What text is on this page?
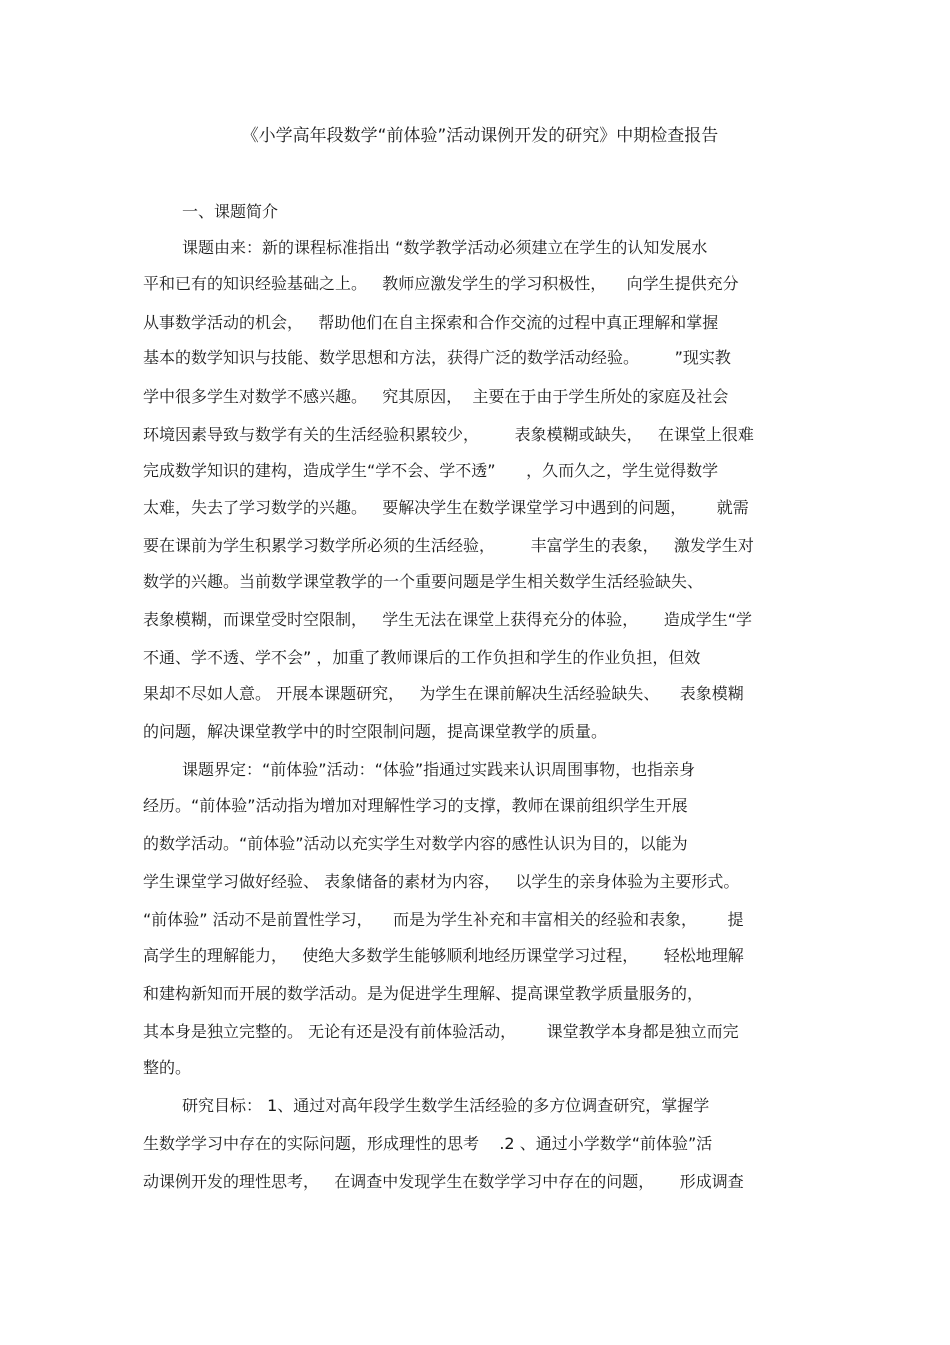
《小学高年段数学“前体验”活动课例开发的研究》中期检查报告
一、课题简介
课题由来：新的课程标准指出 “数学教学活动必须建立在学生的认知发展水
平和已有的知识经验基础之上。   教师应激发学生的学习积极性，    向学生提供充分
从事数学活动的机会，   帮助他们在自主探索和合作交流的过程中真正理解和掌握
基本的数学知识与技能、数学思想和方法，获得广泛的数学活动经验。       ”现实教
学中很多学生对数学不感兴趣。   究其原因，  主要在于由于学生所处的家庭及社会
环境因素导致与数学有关的生活经验积累较少，       表象模糊或缺失，   在课堂上很难
完成数学知识的建构，造成学生“学不会、学不透”      ，久而久之，学生觉得数学
太难，失去了学习数学的兴趣。   要解决学生在数学课堂学习中遇到的问题，      就需
要在课前为学生积累学习数学所必须的生活经验，       丰富学生的表象，   激发学生对
数学的兴趣。当前数学课堂教学的一个重要问题是学生相关数学生活经验缺失、
表象模糊，而课堂受时空限制，   学生无法在课堂上获得充分的体验，     造成学生“学
不通、学不透、学不会” ，加重了教师课后的工作负担和学生的作业负担，但效
果却不尽如人意。 开展本课题研究，   为学生在课前解决生活经验缺失、    表象模糊
的问题，解决课堂教学中的时空限制问题，提高课堂教学的质量。
课题界定：“前体验”活动：“体验”指通过实践来认识周围事物，也指亲身
经历。“前体验”活动指为增加对理解性学习的支撑，教师在课前组织学生开展
的数学活动。“前体验”活动以充实学生对数学内容的感性认识为目的，以能为
学生课堂学习做好经验、 表象储备的素材为内容，   以学生的亲身体验为主要形式。
“前体验” 活动不是前置性学习，    而是为学生补充和丰富相关的经验和表象，      提
高学生的理解能力，   使绝大多数学生能够顺利地经历课堂学习过程，     轻松地理解
和建构新知而开展的数学活动。是为促进学生理解、提高课堂教学质量服务的，
其本身是独立完整的。 无论有还是没有前体验活动，      课堂教学本身都是独立而完
整的。
研究目标： 1、通过对高年段学生数学生活经验的多方位调查研究，掌握学
生数学学习中存在的实际问题，形成理性的思考    .2 、通过小学数学“前体验”活
动课例开发的理性思考，   在调查中发现学生在数学学习中存在的问题，     形成调查
